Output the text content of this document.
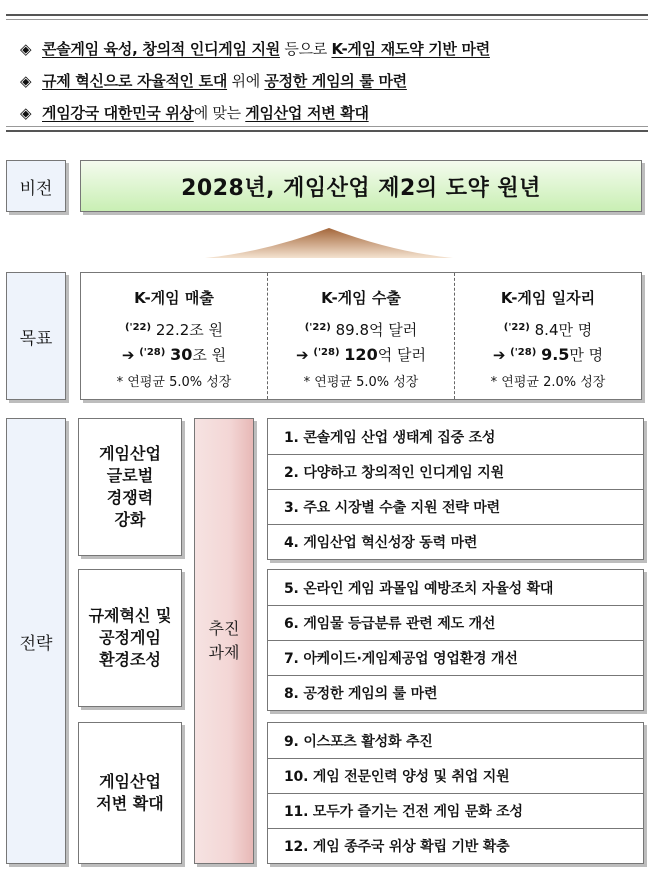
◈ 콘솔게임 육성, 창의적 인디게임 지원 등으로 K-게임 재도약 기반 마련
◈ 규제 혁신으로 자율적인 토대 위에 공정한 게임의 룰 마련
◈ 게임강국 대한민국 위상에 맞는 게임산업 저변 확대
비전	2028년, 게임산업 제2의 도약 원년
목표
K-게임 매출
$^{('22)}$ 22.2조 원
➔ $^{('28)}$ 30조 원
* 연평균 5.0% 성장
K-게임 수출
$^{('22)}$ 89.8억 달러
➔ $^{('28)}$ 120억 달러
* 연평균 5.0% 성장
K-게임 일자리
$^{('22)}$ 8.4만 명
➔ $^{('28)}$ 9.5만 명
* 연평균 2.0% 성장
전략
게임산업
글로벌
경쟁력
강화
규제혁신 및
공정게임
환경조성
게임산업
저변 확대
추진
과제
1. 콘솔게임 산업 생태계 집중 조성
2. 다양하고 창의적인 인디게임 지원
3. 주요 시장별 수출 지원 전략 마련
4. 게임산업 혁신성장 동력 마련
5. 온라인 게임 과몰입 예방조치 자율성 확대
6. 게임물 등급분류 관련 제도 개선
7. 아케이드·게임제공업 영업환경 개선
8. 공정한 게임의 룰 마련
9. 이스포츠 활성화 추진
10. 게임 전문인력 양성 및 취업 지원
11. 모두가 즐기는 건전 게임 문화 조성
12. 게임 종주국 위상 확립 기반 확충
